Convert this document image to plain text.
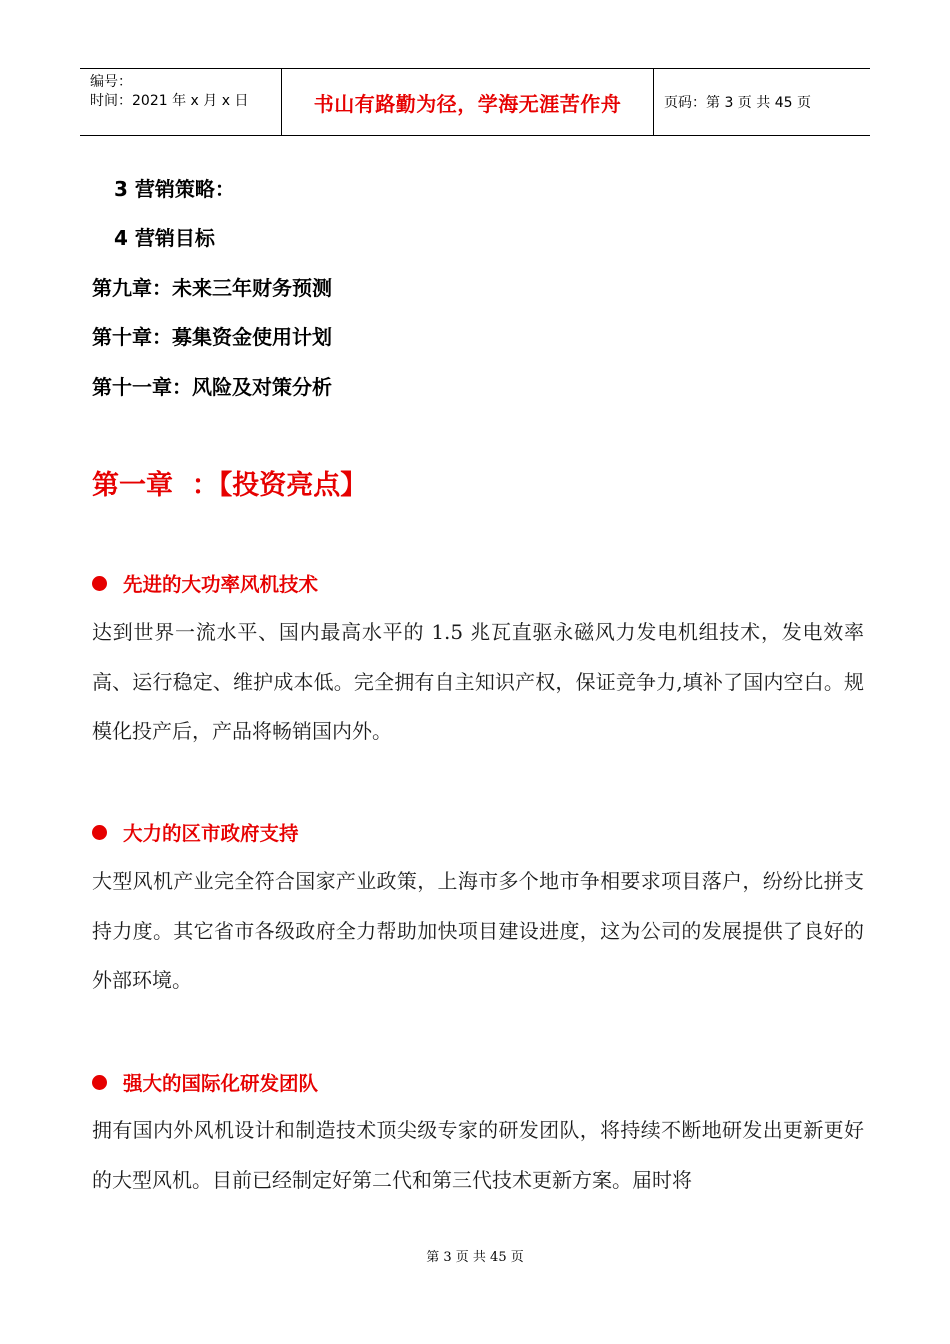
编号：
时间：2021 年 x 月 x 日	书山有路勤为径，学海无涯苦作舟	页码：第 3 页 共 45 页
3 营销策略：
4 营销目标
第九章：未来三年财务预测
第十章：募集资金使用计划
第十一章：风险及对策分析
第一章  ：【投资亮点】
先进的大功率风机技术
达到世界一流水平、国内最高水平的 1.5 兆瓦直驱永磁风力发电机组技术，发电效率高、运行稳定、维护成本低。完全拥有自主知识产权，保证竞争力,填补了国内空白。规模化投产后，产品将畅销国内外。
大力的区市政府支持
大型风机产业完全符合国家产业政策，上海市多个地市争相要求项目落户，纷纷比拼支持力度。其它省市各级政府全力帮助加快项目建设进度，这为公司的发展提供了良好的外部环境。
强大的国际化研发团队
拥有国内外风机设计和制造技术顶尖级专家的研发团队，将持续不断地研发出更新更好的大型风机。目前已经制定好第二代和第三代技术更新方案。届时将
第 3 页 共 45 页
